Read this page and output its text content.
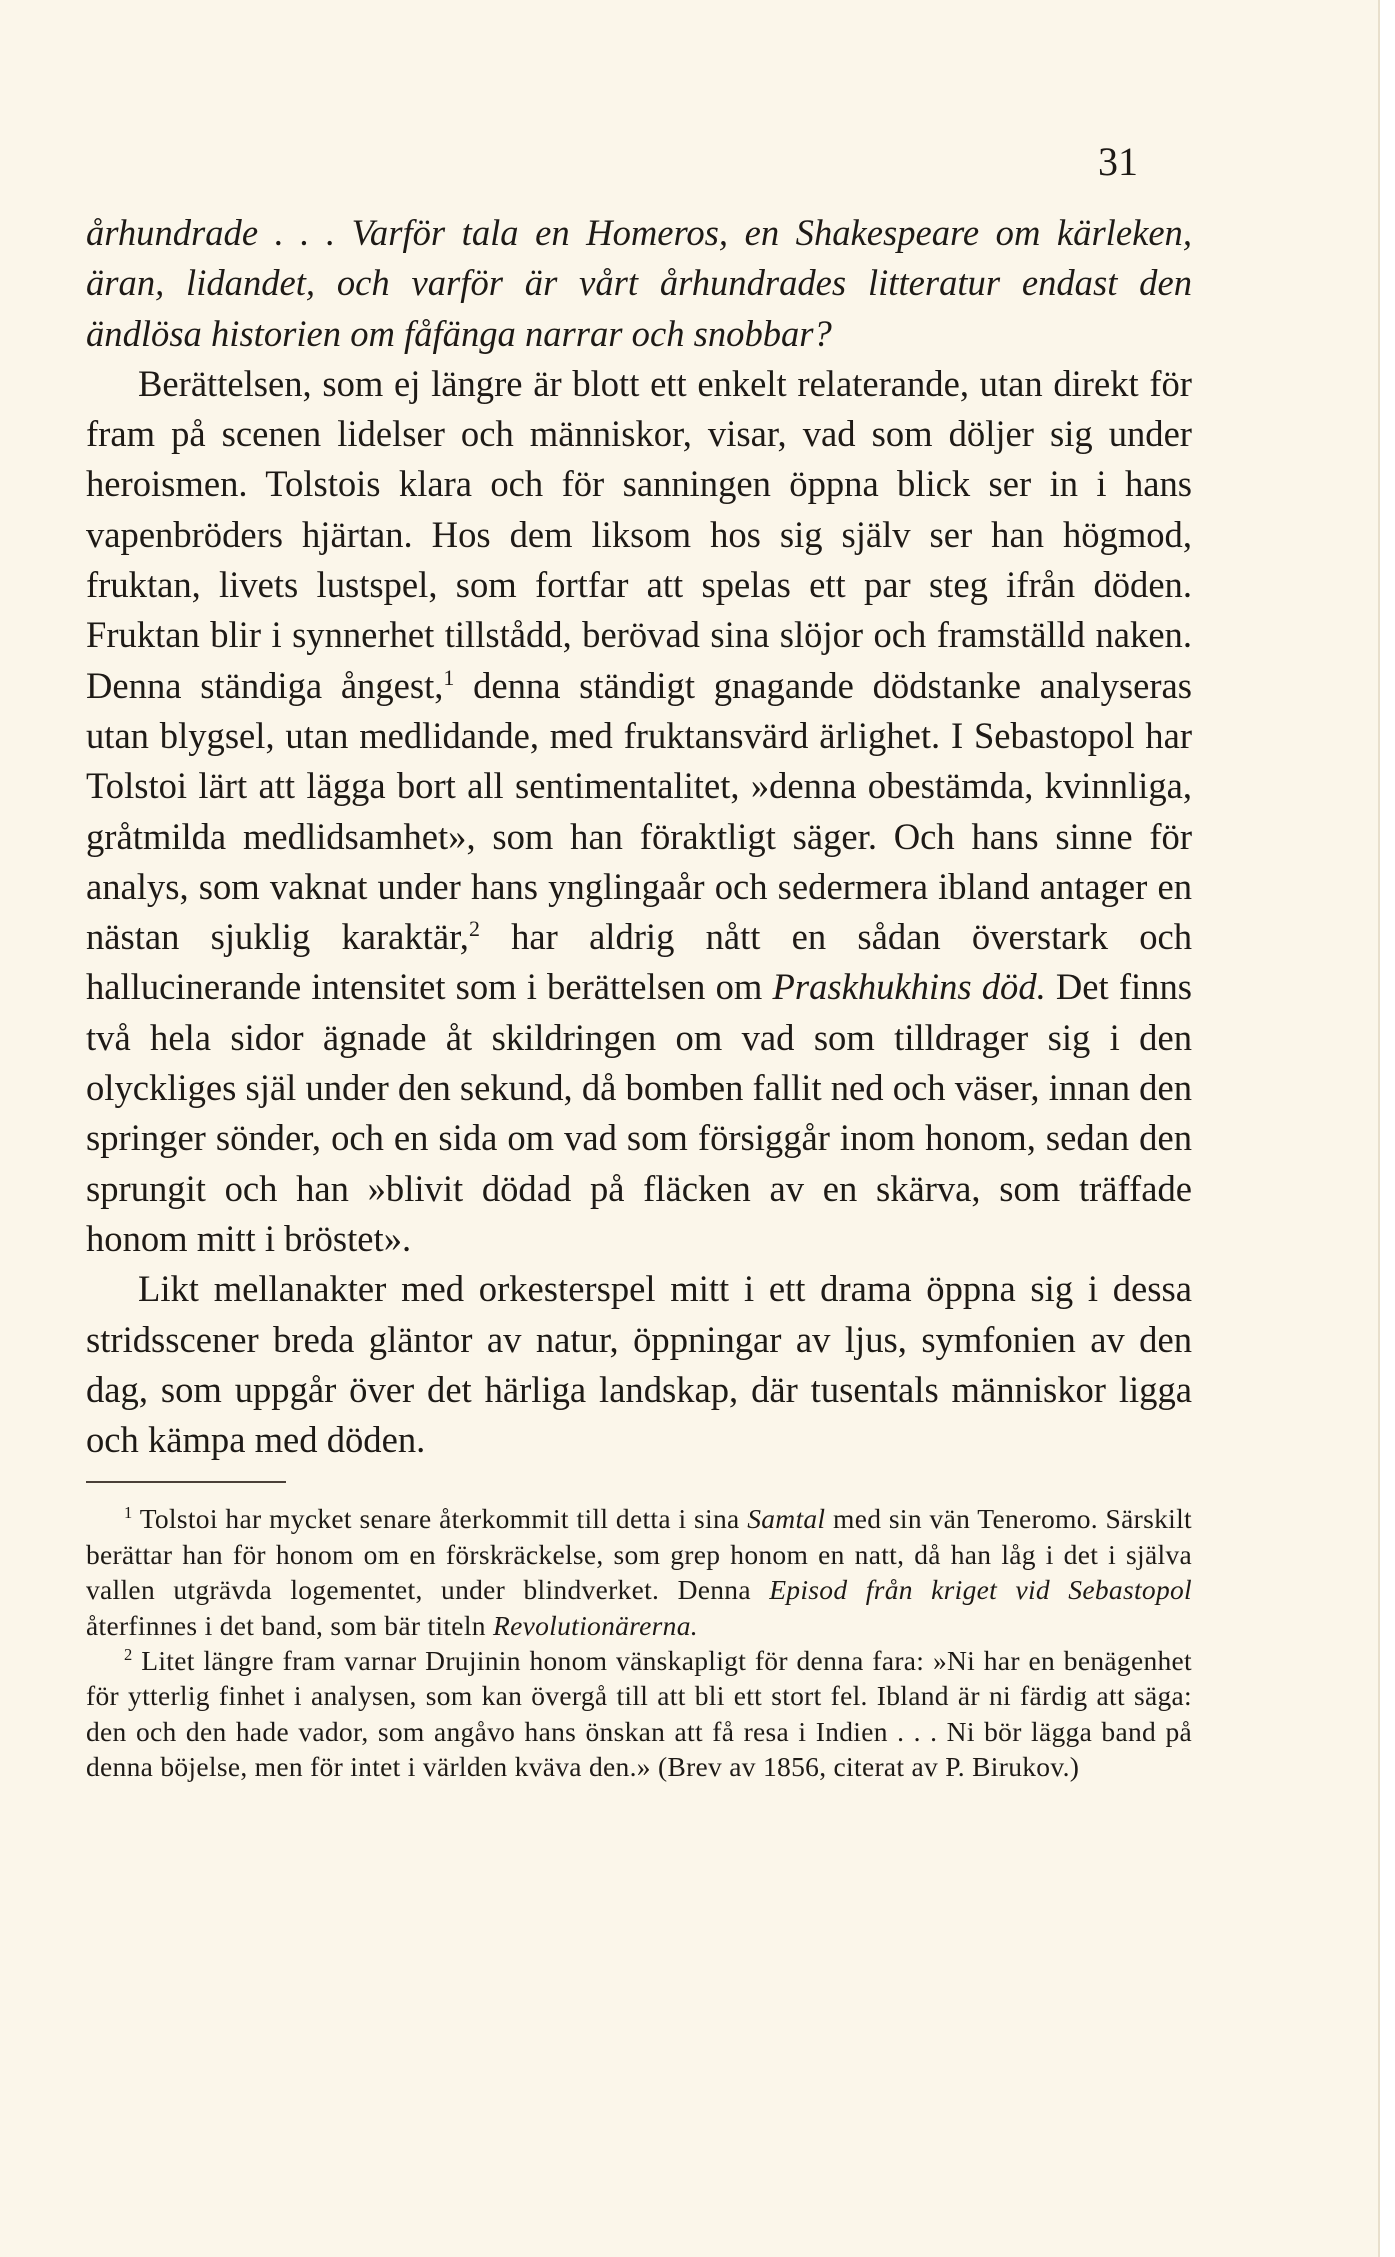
31

århundrade . . . Varför tala en Homeros, en Shakespeare om kärleken, äran, lidandet, och varför är vårt århundrades litteratur endast den ändlösa historien om fåfänga narrar och snobbar?

Berättelsen, som ej längre är blott ett enkelt relaterande, utan direkt för fram på scenen lidelser och människor, visar, vad som döljer sig under heroismen. Tolstois klara och för sanningen öppna blick ser in i hans vapenbröders hjärtan. Hos dem liksom hos sig själv ser han högmod, fruktan, livets lustspel, som fortfar att spelas ett par steg ifrån döden. Fruktan blir i synnerhet tillstådd, berövad sina slöjor och framställd naken. Denna ständiga ångest,$^1$ denna ständigt gnagande dödstanke analyseras utan blygsel, utan medlidande, med fruktansvärd ärlighet. I Sebastopol har Tolstoi lärt att lägga bort all sentimentalitet, »denna obestämda, kvinnliga, gråtmilda medlidsamhet», som han föraktligt säger. Och hans sinne för analys, som vaknat under hans ynglingaår och sedermera ibland antager en nästan sjuklig karaktär,$^2$ har aldrig nått en sådan överstark och hallucinerande intensitet som i berättelsen om Praskhukhins död. Det finns två hela sidor ägnade åt skildringen om vad som tilldrager sig i den olyckliges själ under den sekund, då bomben fallit ned och väser, innan den springer sönder, och en sida om vad som försiggår inom honom, sedan den sprungit och han »blivit dödad på fläcken av en skärva, som träffade honom mitt i bröstet».

Likt mellanakter med orkesterspel mitt i ett drama öppna sig i dessa stridsscener breda gläntor av natur, öppningar av ljus, symfonien av den dag, som uppgår över det härliga landskap, där tusentals människor ligga och kämpa med döden.

$^1$ Tolstoi har mycket senare återkommit till detta i sina Samtal med sin vän Teneromo. Särskilt berättar han för honom om en förskräckelse, som grep honom en natt, då han låg i det i själva vallen utgrävda logementet, under blindverket. Denna Episod från kriget vid Sebastopol återfinnes i det band, som bär titeln Revolutionärerna.

$^2$ Litet längre fram varnar Drujinin honom vänskapligt för denna fara: »Ni har en benägenhet för ytterlig finhet i analysen, som kan övergå till att bli ett stort fel. Ibland är ni färdig att säga: den och den hade vador, som angåvo hans önskan att få resa i Indien . . . Ni bör lägga band på denna böjelse, men för intet i världen kväva den.» (Brev av 1856, citerat av P. Birukov.)
